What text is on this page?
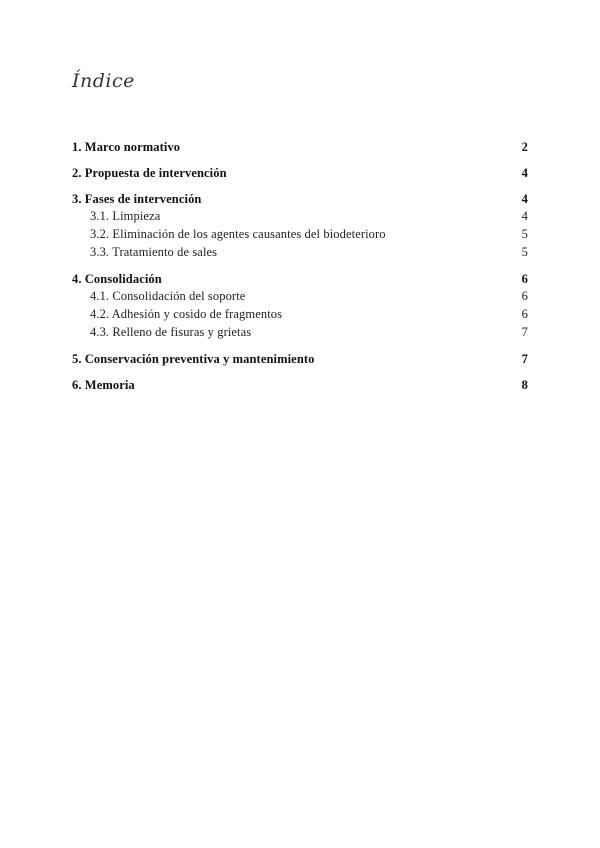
Índice
1. Marco normativo	2
2. Propuesta de intervención	4
3. Fases de intervención	4
3.1. Limpieza	4
3.2. Eliminación de los agentes causantes del biodeterioro	5
3.3. Tratamiento de sales	5
4. Consolidación	6
4.1. Consolidación del soporte	6
4.2. Adhesión y cosido de fragmentos	6
4.3. Relleno de fisuras y grietas	7
5. Conservación preventiva y mantenimiento	7
6. Memoria	8
